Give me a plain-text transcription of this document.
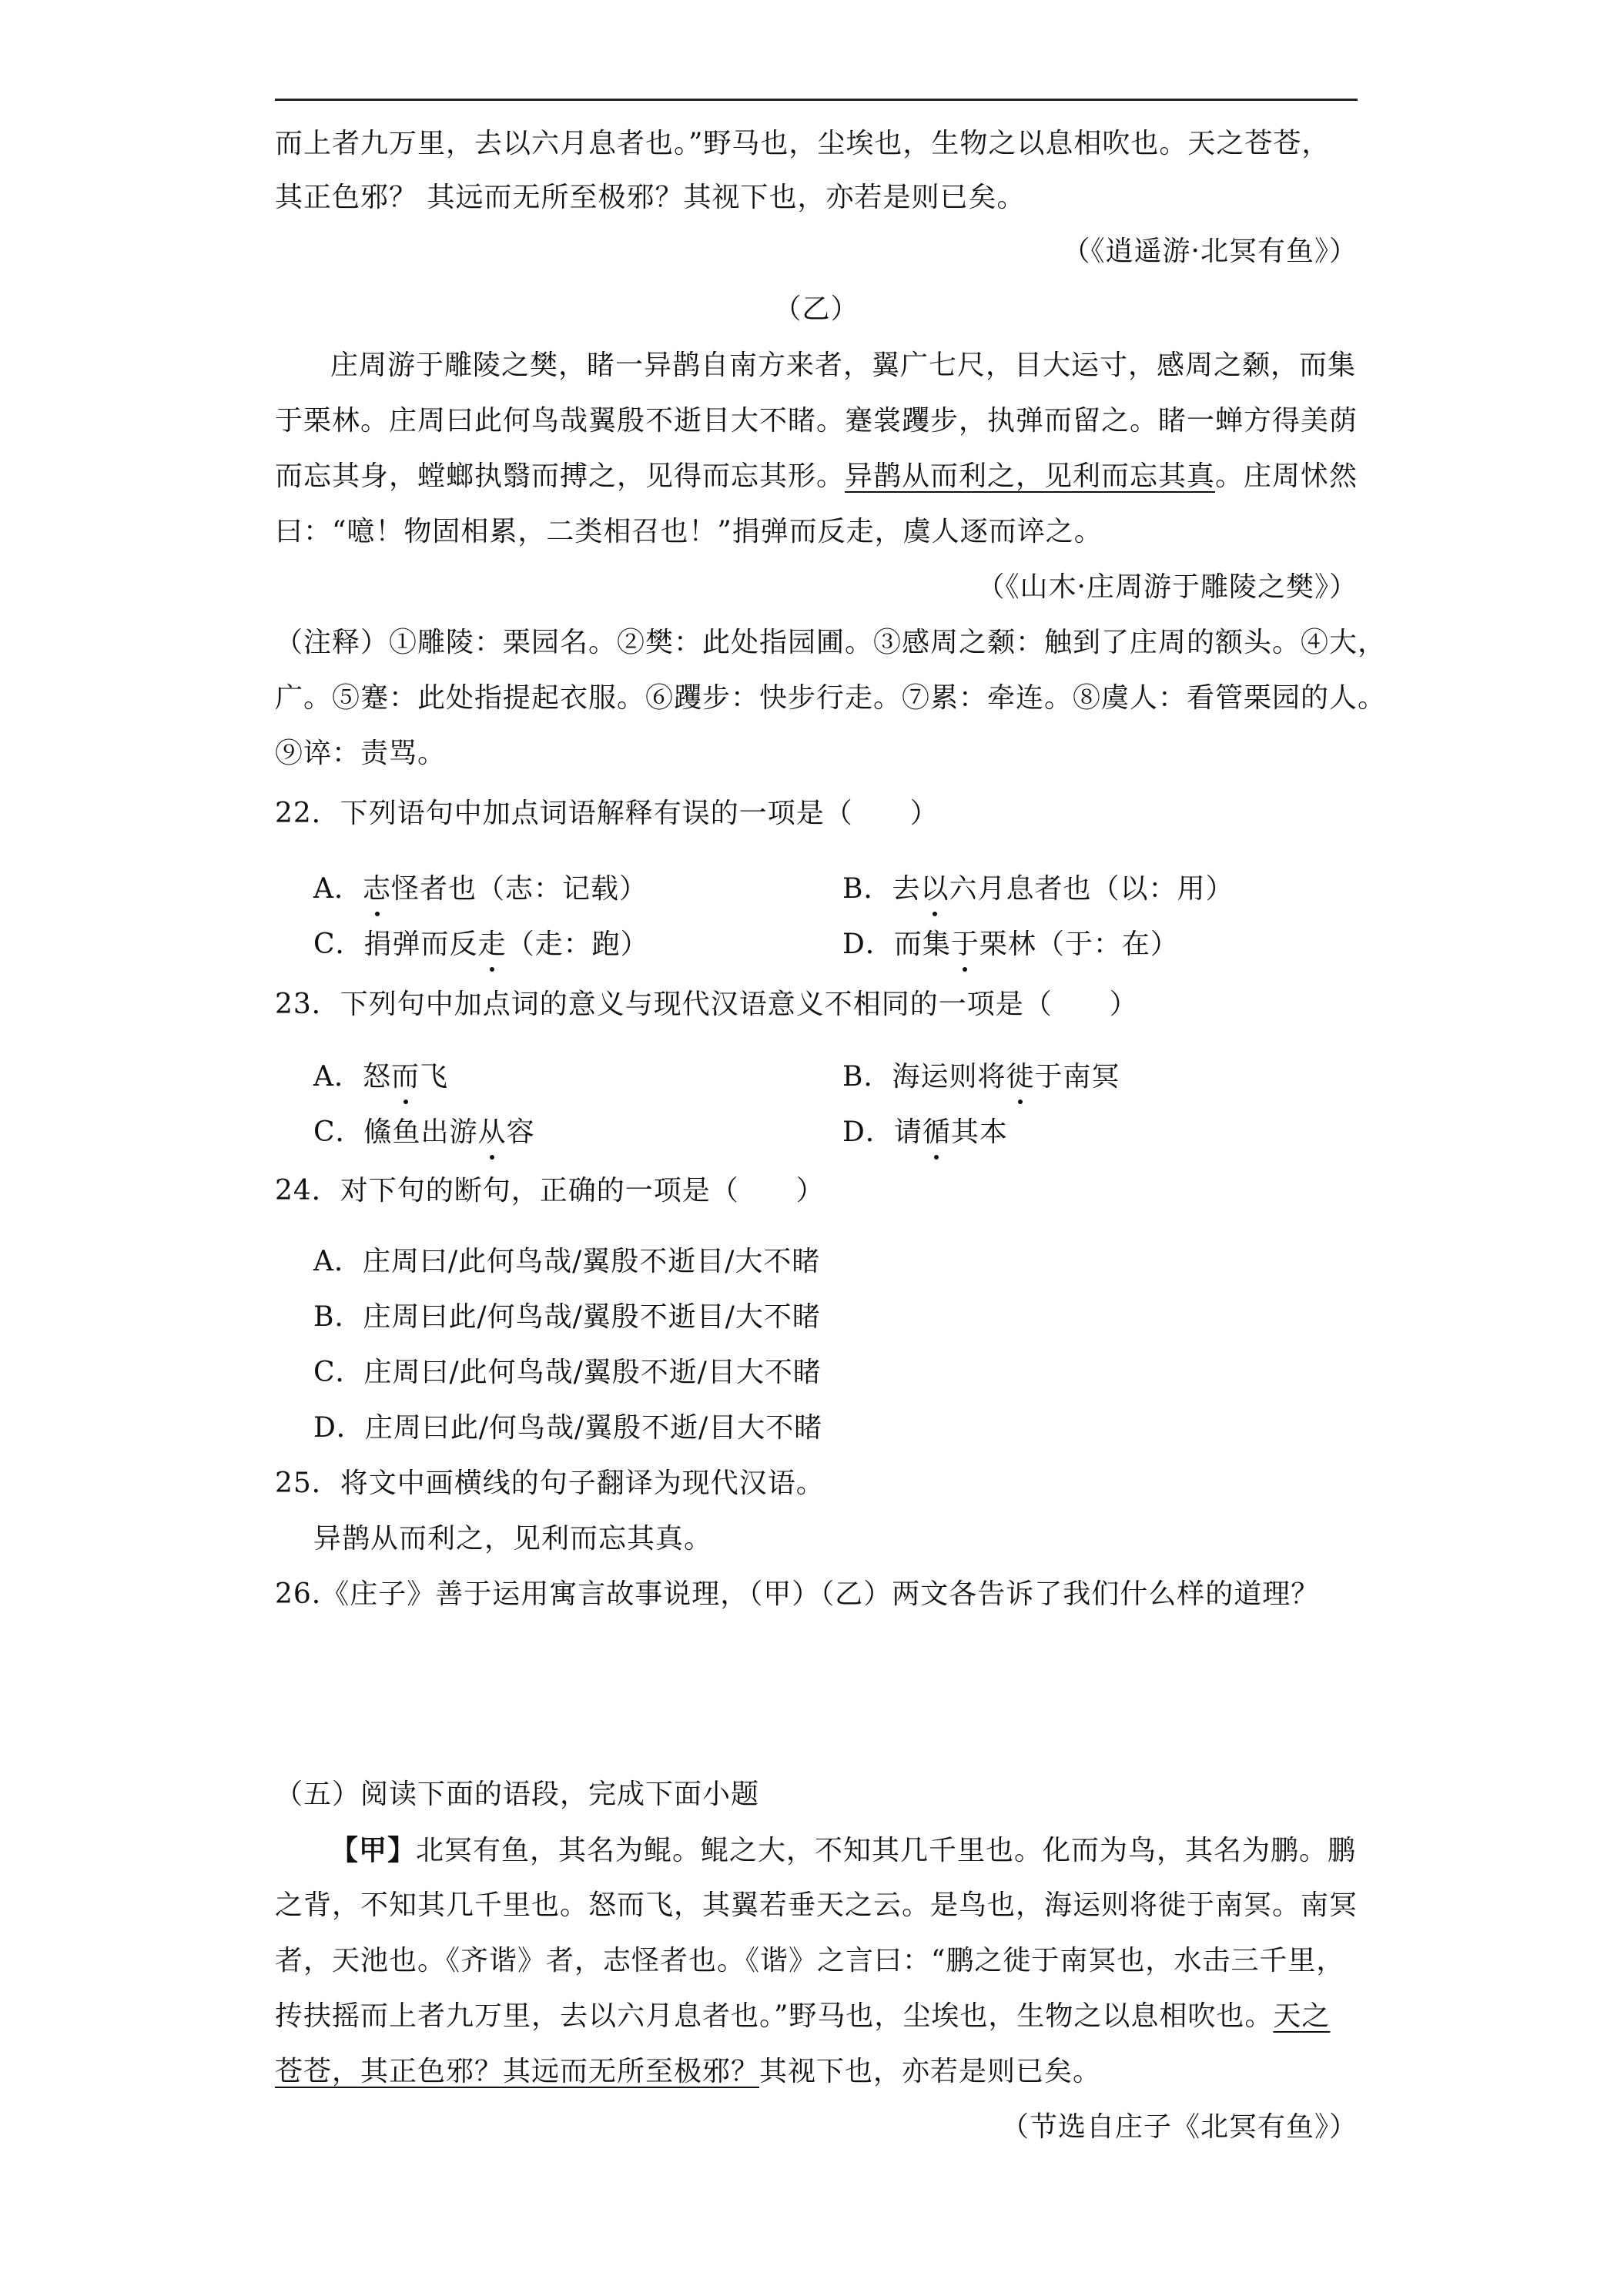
而上者九万里，去以六月息者也。”野马也，尘埃也，生物之以息相吹也。天之苍苍，
其正色邪？ 其远而无所至极邪？其视下也，亦若是则已矣。
（《逍遥游·北冥有鱼》）
（乙）
庄周游于雕陵之樊，睹一异鹊自南方来者，翼广七尺，目大运寸，感周之颡，而集
于栗林。庄周曰此何鸟哉翼殷不逝目大不睹。蹇裳躩步，执弹而留之。睹一蝉方得美荫
而忘其身，螳螂执翳而搏之，见得而忘其形。异鹊从而利之，见利而忘其真。庄周怵然
曰：“噫！物固相累，二类相召也！”捐弹而反走，虞人逐而谇之。
（《山木·庄周游于雕陵之樊》）
（注释）①雕陵：栗园名。②樊：此处指园圃。③感周之颡：触到了庄周的额头。④大，
广。⑤蹇：此处指提起衣服。⑥躩步：快步行走。⑦累：牵连。⑧虞人：看管栗园的人。
⑨谇：责骂。
22．下列语句中加点词语解释有误的一项是（　　）
A．志怪者也（志：记载）	B．去以六月息者也（以：用）
C．捐弹而反走（走：跑）	D．而集于栗林（于：在）
23．下列句中加点词的意义与现代汉语意义不相同的一项是（　　）
A．怒而飞	B．海运则将徙于南冥
C．鯈鱼出游从容	D．请循其本
24．对下句的断句，正确的一项是（　　）
A．庄周曰/此何鸟哉/翼殷不逝目/大不睹
B．庄周曰此/何鸟哉/翼殷不逝目/大不睹
C．庄周曰/此何鸟哉/翼殷不逝/目大不睹
D．庄周曰此/何鸟哉/翼殷不逝/目大不睹
25．将文中画横线的句子翻译为现代汉语。
异鹊从而利之，见利而忘其真。
26.《庄子》善于运用寓言故事说理，（甲）（乙）两文各告诉了我们什么样的道理？
（五）阅读下面的语段，完成下面小题
【甲】北冥有鱼，其名为鲲。鲲之大，不知其几千里也。化而为鸟，其名为鹏。鹏
之背，不知其几千里也。怒而飞，其翼若垂天之云。是鸟也，海运则将徙于南冥。南冥
者，天池也。《齐谐》者，志怪者也。《谐》之言曰：“鹏之徙于南冥也，水击三千里，
抟扶摇而上者九万里，去以六月息者也。”野马也，尘埃也，生物之以息相吹也。天之
苍苍，其正色邪？其远而无所至极邪？其视下也，亦若是则已矣。
（节选自庄子《北冥有鱼》）
